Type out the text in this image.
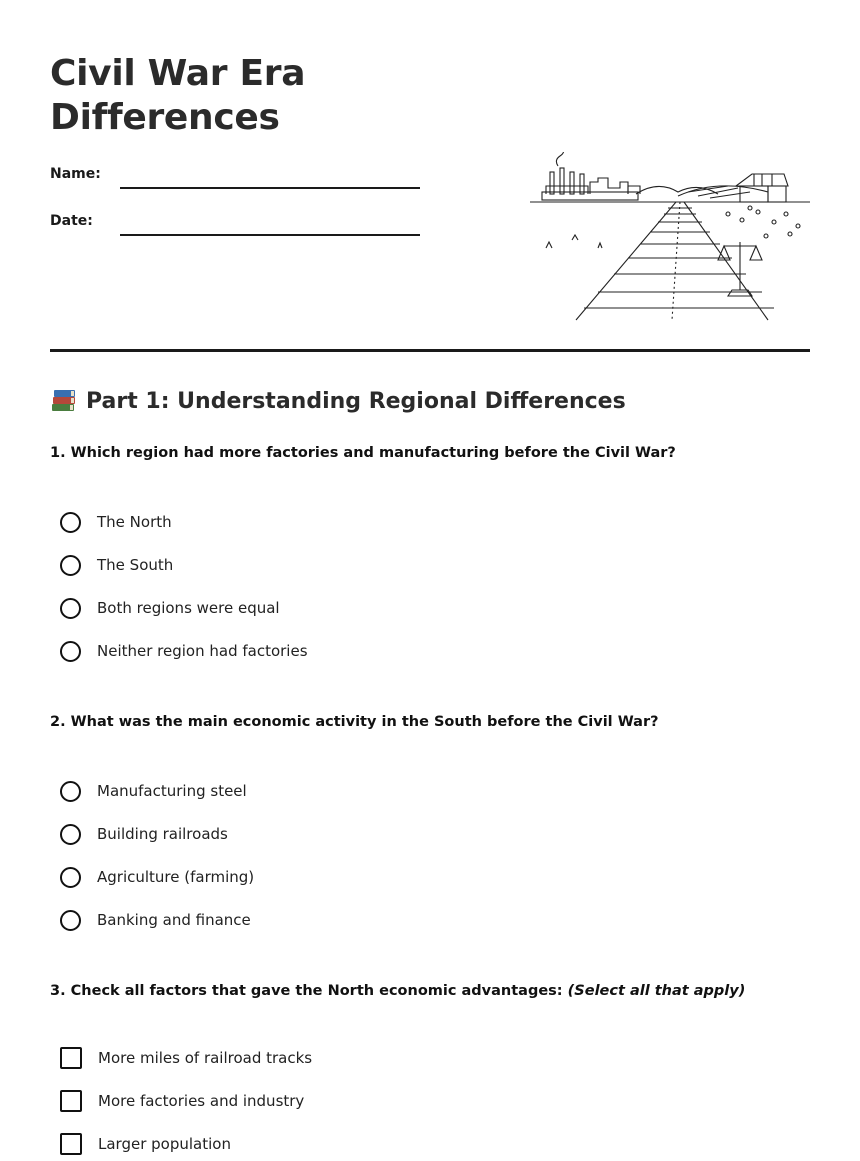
Civil War Era
Differences
Name:
Date:
Part 1: Understanding Regional Differences
1. Which region had more factories and manufacturing before the Civil War?
The North
The South
Both regions were equal
Neither region had factories
2. What was the main economic activity in the South before the Civil War?
Manufacturing steel
Building railroads
Agriculture (farming)
Banking and finance
3. Check all factors that gave the North economic advantages: (Select all that apply)
More miles of railroad tracks
More factories and industry
Larger population
